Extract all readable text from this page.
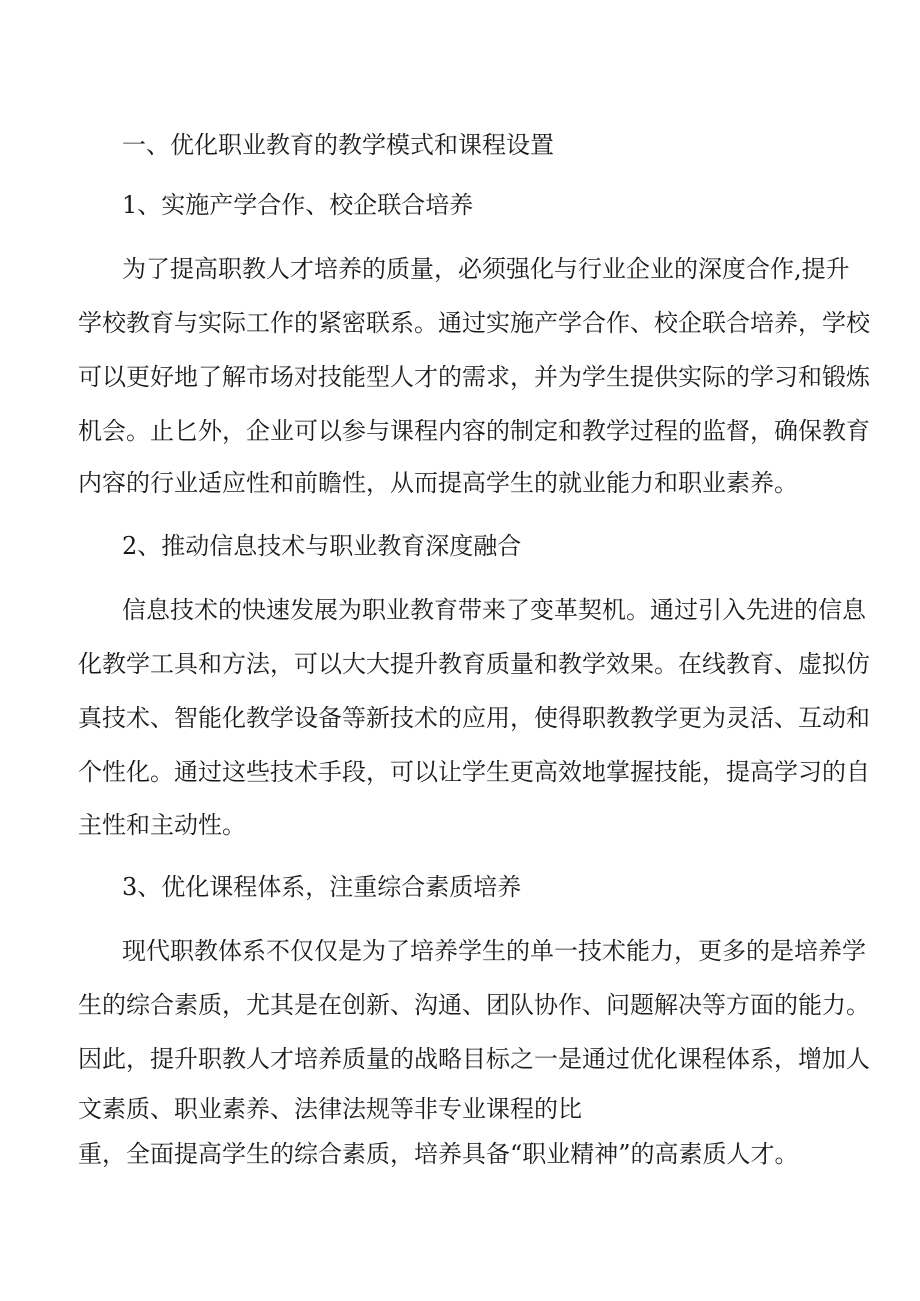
一、优化职业教育的教学模式和课程设置
1、实施产学合作、校企联合培养
为了提高职教人才培养的质量，必须强化与行业企业的深度合作,提升
学校教育与实际工作的紧密联系。通过实施产学合作、校企联合培养，学校
可以更好地了解市场对技能型人才的需求，并为学生提供实际的学习和锻炼
机会。止匕外，企业可以参与课程内容的制定和教学过程的监督，确保教育
内容的行业适应性和前瞻性，从而提高学生的就业能力和职业素养。
2、推动信息技术与职业教育深度融合
信息技术的快速发展为职业教育带来了变革契机。通过引入先进的信息
化教学工具和方法，可以大大提升教育质量和教学效果。在线教育、虚拟仿
真技术、智能化教学设备等新技术的应用，使得职教教学更为灵活、互动和
个性化。通过这些技术手段，可以让学生更高效地掌握技能，提高学习的自
主性和主动性。
3、优化课程体系，注重综合素质培养
现代职教体系不仅仅是为了培养学生的单一技术能力，更多的是培养学
生的综合素质，尤其是在创新、沟通、团队协作、问题解决等方面的能力。
因此，提升职教人才培养质量的战略目标之一是通过优化课程体系，增加人
文素质、职业素养、法律法规等非专业课程的比
重，全面提高学生的综合素质，培养具备“职业精神”的高素质人才。
